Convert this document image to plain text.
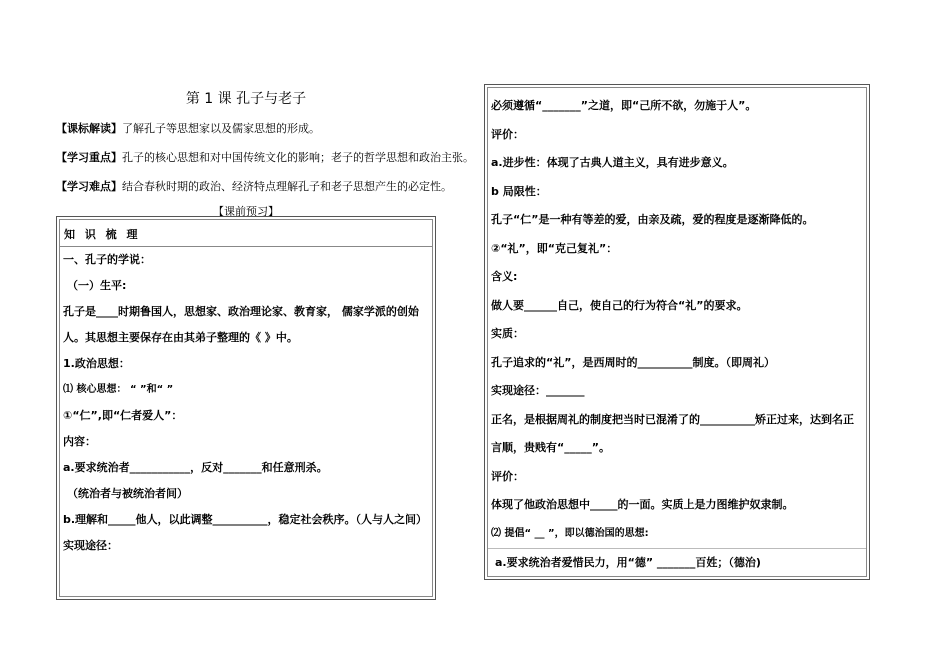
第 1 课 孔子与老子

【课标解读】了解孔子等思想家以及儒家思想的形成。

【学习重点】孔子的核心思想和对中国传统文化的影响；老子的哲学思想和政治主张。

【学习难点】结合春秋时期的政治、经济特点理解孔子和老子思想产生的必定性。

【课前预习】
知 识 梳 理
一、孔子的学说：
（一）生平:
孔子是____时期鲁国人，思想家、政治理论家、教育家， 儒家学派的创始
人。其思想主要保存在由其弟子整理的《 》中。
1.政治思想：
⑴ 核心思想： “ ”和“ ”
①“仁”,即“仁者爱人”：
内容：
a.要求统治者___________，反对_______和任意刑杀。
（统治者与被统治者间）
b.理解和_____他人，以此调整__________，稳定社会秩序。（人与人之间）
实现途径：
必须遵循“_______”之道，即“己所不欲，勿施于人”。
评价：
a.进步性：体现了古典人道主义，具有进步意义。
b 局限性：
孔子“仁”是一种有等差的爱，由亲及疏，爱的程度是逐渐降低的。
②“礼”，即“克己复礼”：
含义:
做人要______自己，使自己的行为符合“礼”的要求。
实质：
孔子追求的“礼”，是西周时的__________制度。（即周礼）
实现途径：_______
正名，是根据周礼的制度把当时已混淆了的__________矫正过来，达到名正
言顺，贵贱有“_____”。
评价：
体现了他政治思想中_____的一面。实质上是力图维护奴隶制。
⑵ 提倡“ __ ”，即以德治国的思想:
a.要求统治者爱惜民力，用“德” _______百姓；（德治)
